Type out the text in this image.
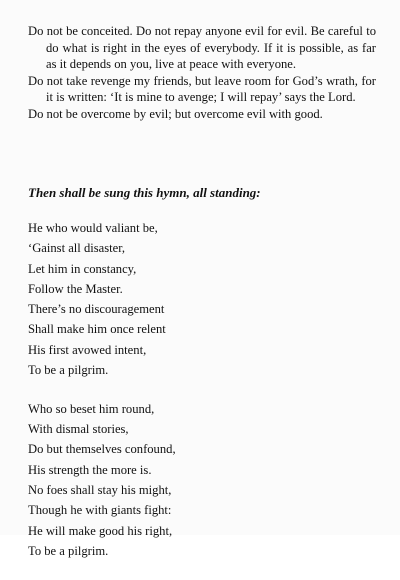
Do not be conceited. Do not repay anyone evil for evil. Be careful to do what is right in the eyes of everybody. If it is possible, as far as it depends on you, live at peace with everyone.

Do not take revenge my friends, but leave room for God’s wrath, for it is written: ‘It is mine to avenge; I will repay’ says the Lord.

Do not be overcome by evil; but overcome evil with good.

Then shall be sung this hymn, all standing:

He who would valiant be,
‘Gainst all disaster,
Let him in constancy,
Follow the Master.
There’s no discouragement
Shall make him once relent
His first avowed intent,
To be a pilgrim.
Who so beset him round,
With dismal stories,
Do but themselves confound,
His strength the more is.
No foes shall stay his might,
Though he with giants fight:
He will make good his right,
To be a pilgrim.
